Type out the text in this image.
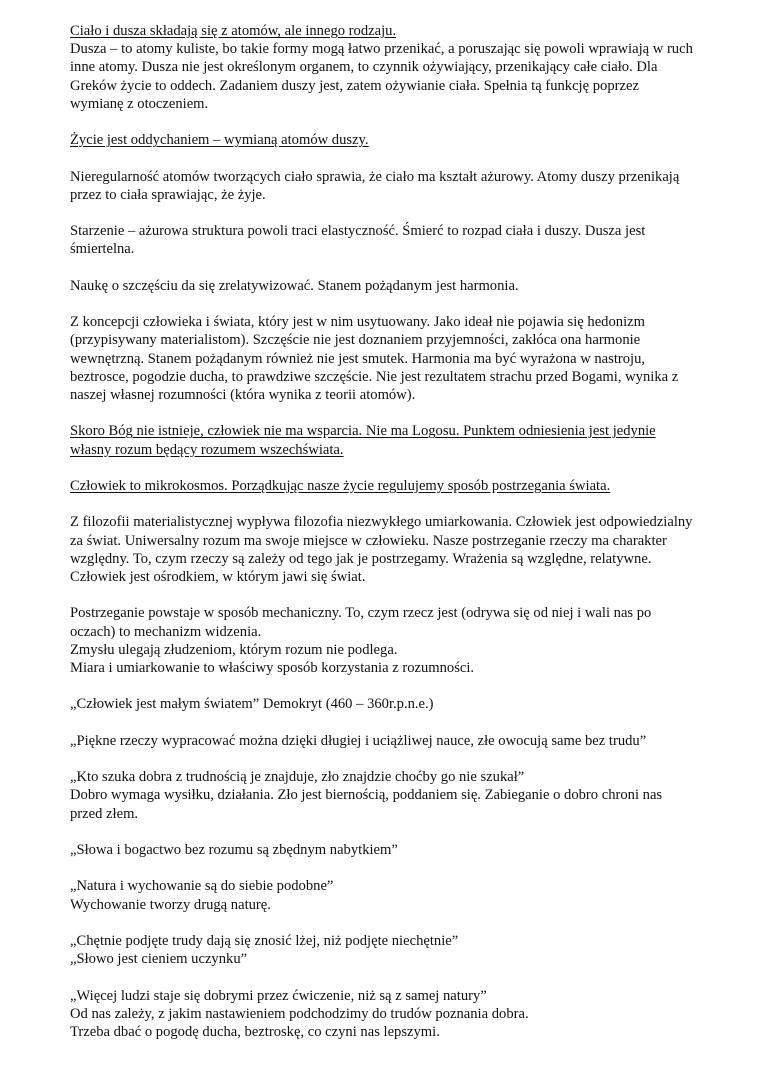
Ciało i dusza składają się z atomów, ale innego rodzaju.
Dusza – to atomy kuliste, bo takie formy mogą łatwo przenikać, a poruszając się powoli wprawiają w ruch
inne atomy. Dusza nie jest określonym organem, to czynnik ożywiający, przenikający całe ciało. Dla
Greków życie to oddech. Zadaniem duszy jest, zatem ożywianie ciała. Spełnia tą funkcję poprzez
wymianę z otoczeniem.
Życie jest oddychaniem – wymianą atomów duszy.
Nieregularność atomów tworzących ciało sprawia, że ciało ma kształt ażurowy. Atomy duszy przenikają
przez to ciała sprawiając, że żyje.
Starzenie – ażurowa struktura powoli traci elastyczność. Śmierć to rozpad ciała i duszy. Dusza jest
śmiertelna.
Naukę o szczęściu da się zrelatywizować. Stanem pożądanym jest harmonia.
Z koncepcji człowieka i świata, który jest w nim usytuowany. Jako ideał nie pojawia się hedonizm
(przypisywany materialistom). Szczęście nie jest doznaniem przyjemności, zakłóca ona harmonie
wewnętrzną. Stanem pożądanym również nie jest smutek. Harmonia ma być wyrażona w nastroju,
beztrosce, pogodzie ducha, to prawdziwe szczęście. Nie jest rezultatem strachu przed Bogami, wynika z
naszej własnej rozumności (która wynika z teorii atomów).
Skoro Bóg nie istnieje, człowiek nie ma wsparcia. Nie ma Logosu. Punktem odniesienia jest jedynie
własny rozum będący rozumem wszechświata.
Człowiek to mikrokosmos. Porządkując nasze życie regulujemy sposób postrzegania świata.
Z filozofii materialistycznej wypływa filozofia niezwykłego umiarkowania. Człowiek jest odpowiedzialny
za świat. Uniwersalny rozum ma swoje miejsce w człowieku. Nasze postrzeganie rzeczy ma charakter
względny. To, czym rzeczy są zależy od tego jak je postrzegamy. Wrażenia są względne, relatywne.
Człowiek jest ośrodkiem, w którym jawi się świat.
Postrzeganie powstaje w sposób mechaniczny. To, czym rzecz jest (odrywa się od niej i wali nas po
oczach) to mechanizm widzenia.
Zmysłu ulegają złudzeniom, którym rozum nie podlega.
Miara i umiarkowanie to właściwy sposób korzystania z rozumności.
„Człowiek jest małym światem” Demokryt (460 – 360r.p.n.e.)
„Piękne rzeczy wypracować można dzięki długiej i uciążliwej nauce, złe owocują same bez trudu”
„Kto szuka dobra z trudnością je znajduje, zło znajdzie choćby go nie szukał”
Dobro wymaga wysiłku, działania. Zło jest biernością, poddaniem się. Zabieganie o dobro chroni nas
przed złem.
„Słowa i bogactwo bez rozumu są zbędnym nabytkiem”
„Natura i wychowanie są do siebie podobne”
Wychowanie tworzy drugą naturę.
„Chętnie podjęte trudy dają się znosić lżej, niż podjęte niechętnie”
„Słowo jest cieniem uczynku”
„Więcej ludzi staje się dobrymi przez ćwiczenie, niż są z samej natury”
Od nas zależy, z jakim nastawieniem podchodzimy do trudów poznania dobra.
Trzeba dbać o pogodę ducha, beztroskę, co czyni nas lepszymi.
